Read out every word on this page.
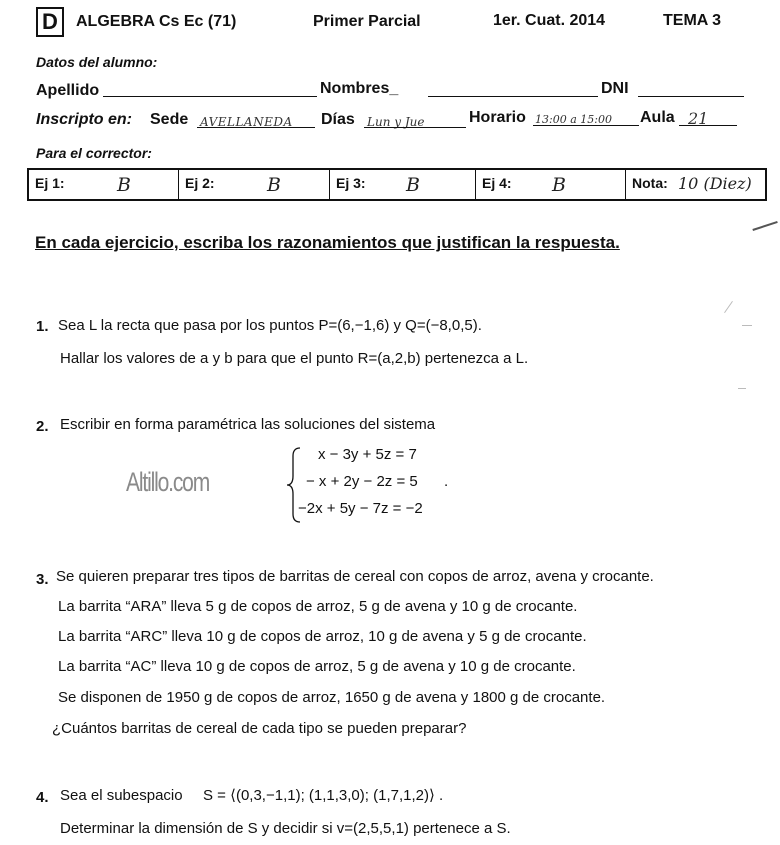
D	ALGEBRA Cs Ec (71)	Primer Parcial	1er. Cuat. 2014	TEMA 3
Datos del alumno:
Apellido	Nombres_	DNI
Inscripto en: Sede AVELLANEDA Días Lun y Jue	Horario 13:00 a 15:00 Aula 21
Para el corrector:
Ej 1:	B	Ej 2:	B	Ej 3: B	Ej 4: B	Nota: 10 (Diez)
En cada ejercicio, escriba los razonamientos que justifican la respuesta.
1. Sea L la recta que pasa por los puntos P=(6,−1,6) y Q=(−8,0,5).
Hallar los valores de a y b para que el punto R=(a,2,b) pertenezca a L.
2. Escribir en forma paramétrica las soluciones del sistema
Altillo.com
x − 3y + 5z = 7
− x + 2y − 2z = 5 .
−2x + 5y − 7z = −2
3. Se quieren preparar tres tipos de barritas de cereal con copos de arroz, avena y crocante.
La barrita “ARA” lleva 5 g de copos de arroz, 5 g de avena y 10 g de crocante.
La barrita “ARC” lleva 10 g de copos de arroz, 10 g de avena y 5 g de crocante.
La barrita “AC” lleva 10 g de copos de arroz, 5 g de avena y 10 g de crocante.
Se disponen de 1950 g de copos de arroz, 1650 g de avena y 1800 g de crocante.
¿Cuántos barritas de cereal de cada tipo se pueden preparar?
4. Sea el subespacio S = ⟨(0,3,−1,1); (1,1,3,0); (1,7,1,2)⟩ .
Determinar la dimensión de S y decidir si v=(2,5,5,1) pertenece a S.
